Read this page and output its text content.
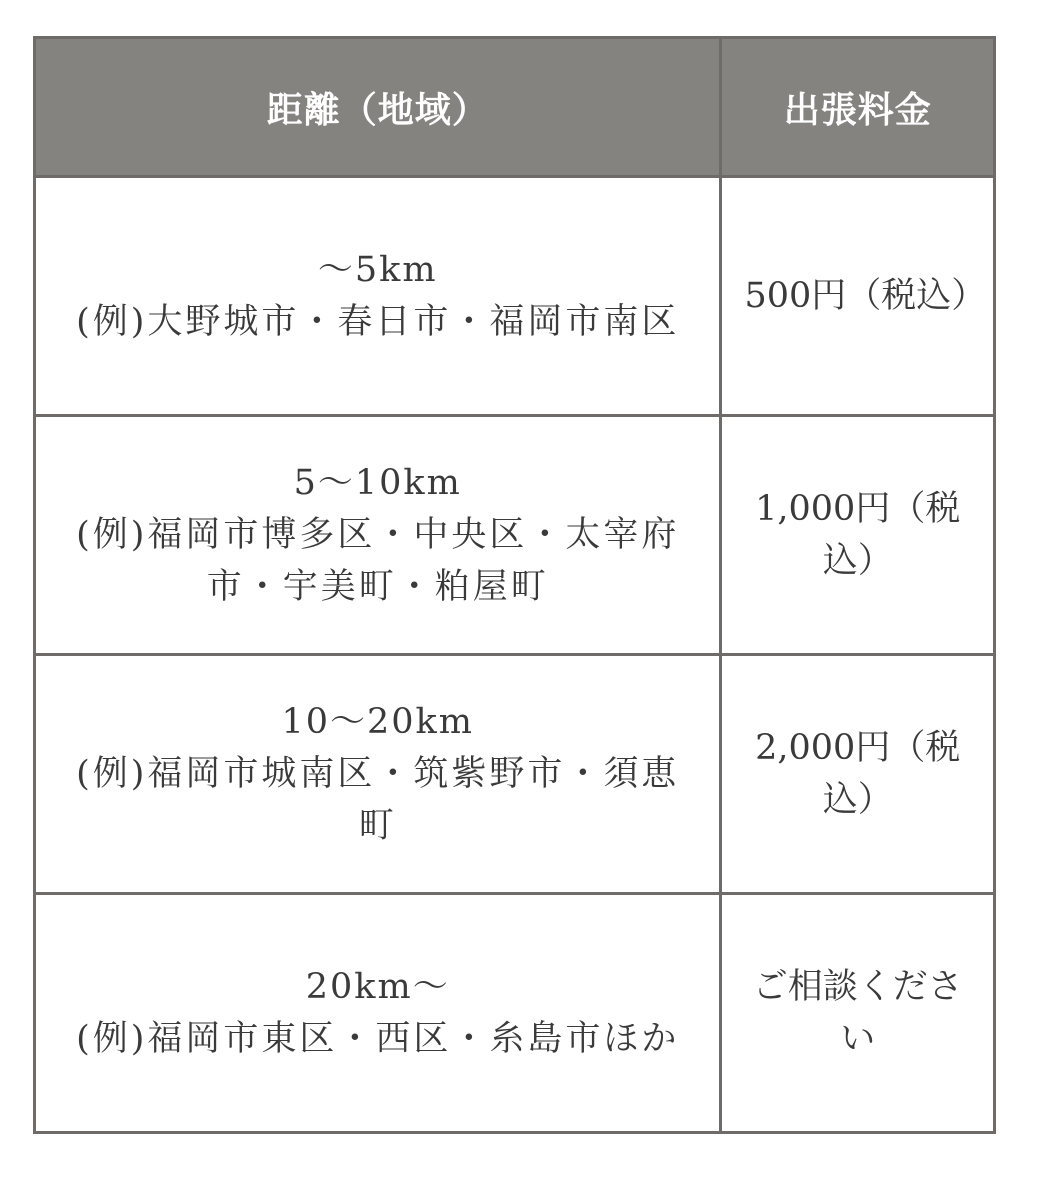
距離（地域）	出張料金

～5km
(例)大野城市・春日市・福岡市南区	500円（税込）

5～10km
(例)福岡市博多区・中央区・太宰府市・宇美町・粕屋町	1,000円（税込）

10～20km
(例)福岡市城南区・筑紫野市・須恵町	2,000円（税込）

20km～
(例)福岡市東区・西区・糸島市ほか	ご相談ください
